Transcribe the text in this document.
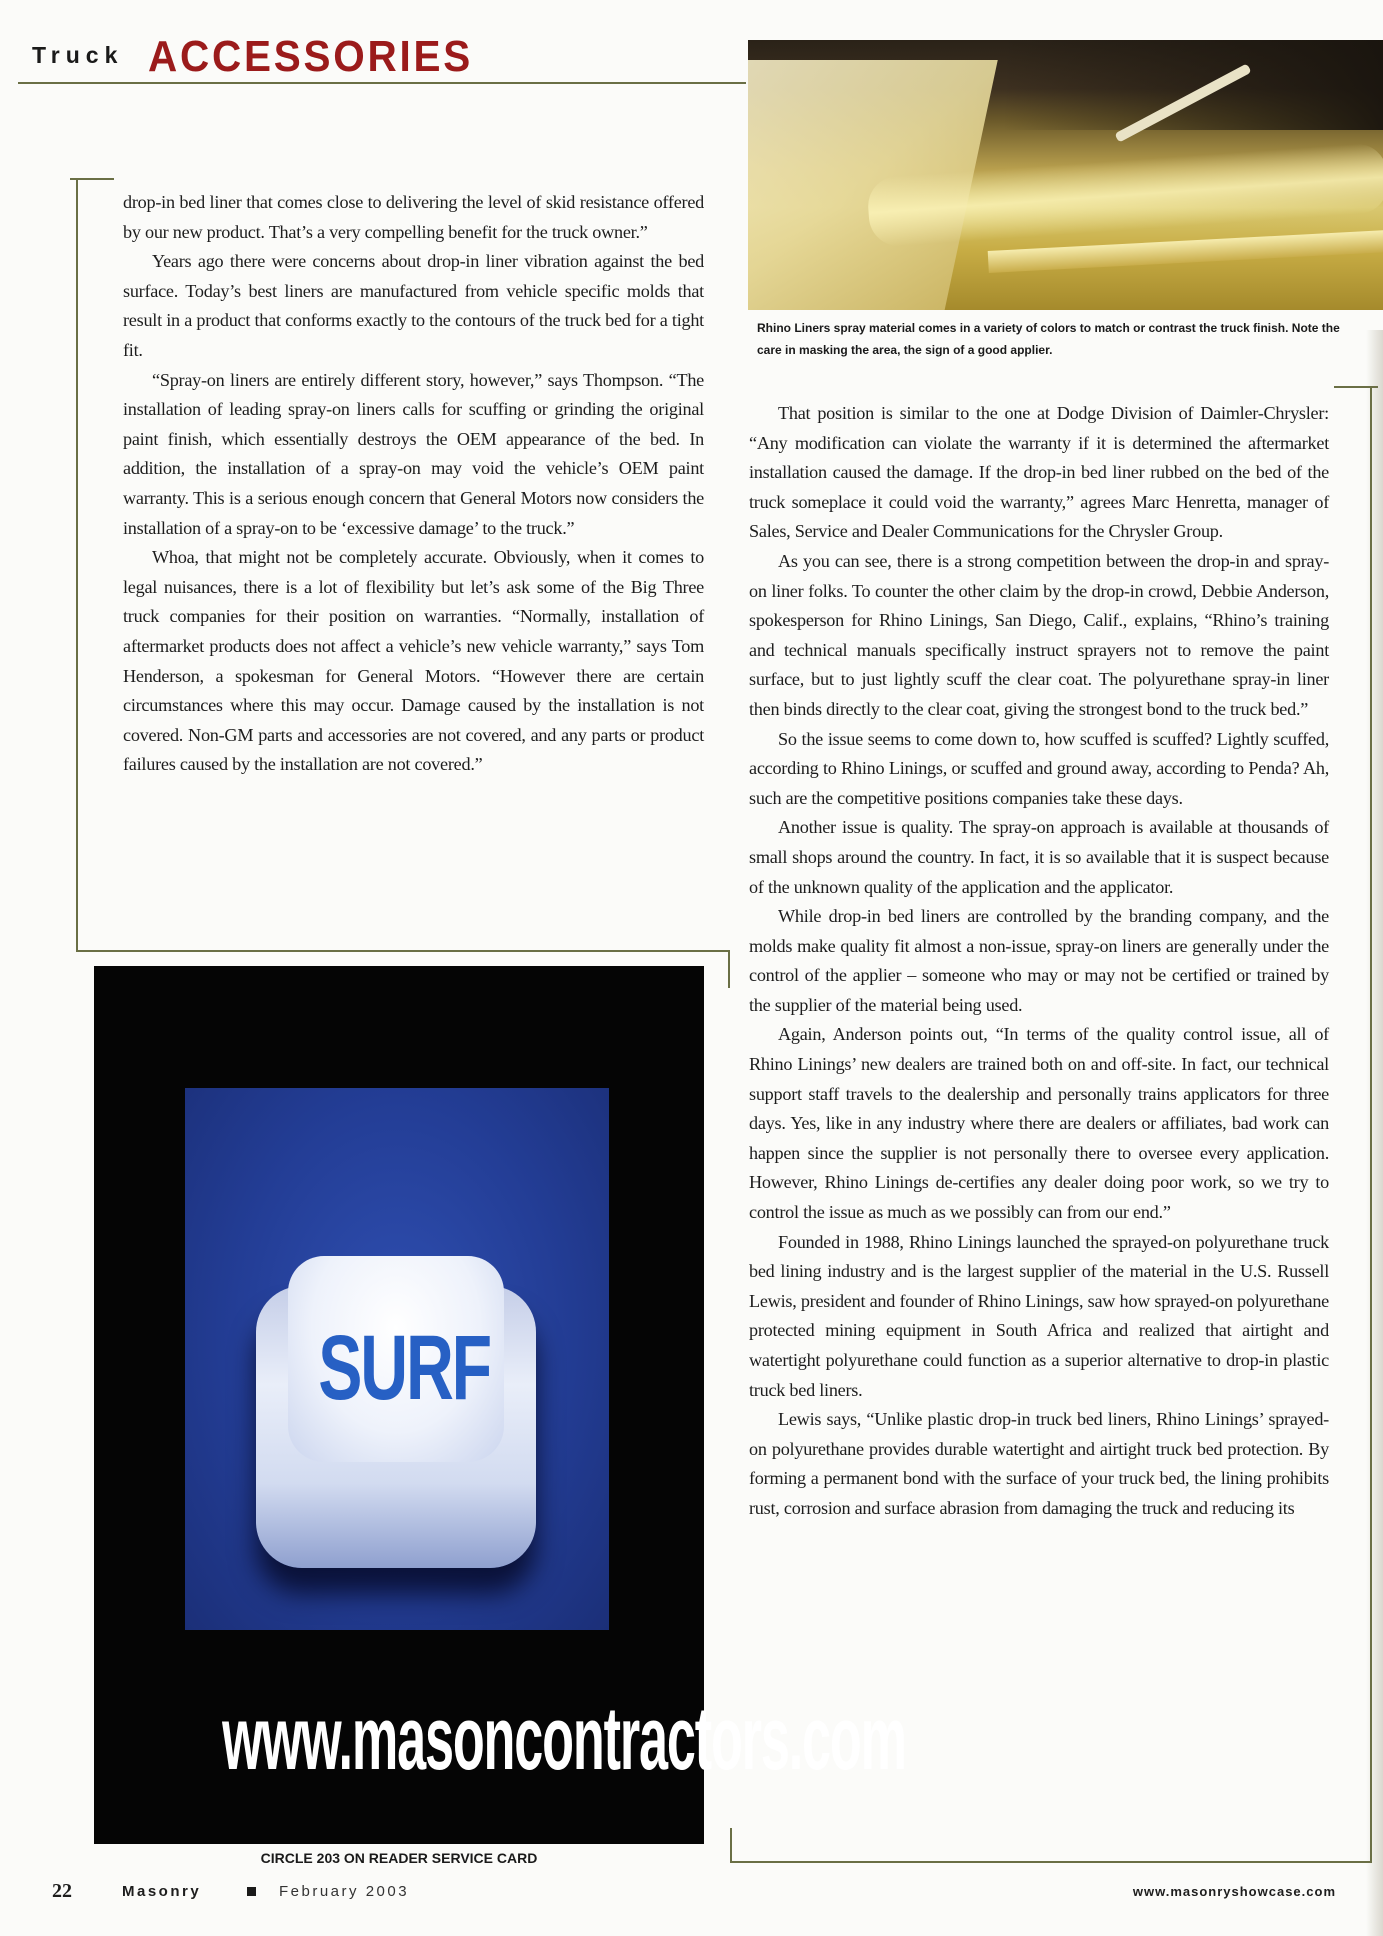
Truck ACCESSORIES
Rhino Liners spray material comes in a variety of colors to match or contrast the truck finish. Note the care in masking the area, the sign of a good applier.

drop-in bed liner that comes close to delivering the level of skid resistance offered by our new product. That’s a very compelling benefit for the truck owner.”

Years ago there were concerns about drop-in liner vibration against the bed surface. Today’s best liners are manufactured from vehicle specific molds that result in a product that conforms exactly to the contours of the truck bed for a tight fit.

“Spray-on liners are entirely different story, however,” says Thompson. “The installation of leading spray-on liners calls for scuffing or grinding the original paint finish, which essentially destroys the OEM appearance of the bed. In addition, the installation of a spray-on may void the vehicle’s OEM paint warranty. This is a serious enough concern that General Motors now considers the installation of a spray-on to be ‘excessive damage’ to the truck.”

Whoa, that might not be completely accurate. Obviously, when it comes to legal nuisances, there is a lot of flexibility but let’s ask some of the Big Three truck companies for their position on warranties. “Normally, installation of aftermarket products does not affect a vehicle’s new vehicle warranty,” says Tom Henderson, a spokesman for General Motors. “However there are certain circumstances where this may occur. Damage caused by the installation is not covered. Non-GM parts and accessories are not covered, and any parts or product failures caused by the installation are not covered.”

That position is similar to the one at Dodge Division of Daimler-Chrysler: “Any modification can violate the warranty if it is determined the aftermarket installation caused the damage. If the drop-in bed liner rubbed on the bed of the truck someplace it could void the warranty,” agrees Marc Henretta, manager of Sales, Service and Dealer Communications for the Chrysler Group.

As you can see, there is a strong competition between the drop-in and spray-on liner folks. To counter the other claim by the drop-in crowd, Debbie Anderson, spokesperson for Rhino Linings, San Diego, Calif., explains, “Rhino’s training and technical manuals specifically instruct sprayers not to remove the paint surface, but to just lightly scuff the clear coat. The polyurethane spray-in liner then binds directly to the clear coat, giving the strongest bond to the truck bed.”

So the issue seems to come down to, how scuffed is scuffed? Lightly scuffed, according to Rhino Linings, or scuffed and ground away, according to Penda? Ah, such are the competitive positions companies take these days.

Another issue is quality. The spray-on approach is available at thousands of small shops around the country. In fact, it is so available that it is suspect because of the unknown quality of the application and the applicator.

While drop-in bed liners are controlled by the branding company, and the molds make quality fit almost a non-issue, spray-on liners are generally under the control of the applier – someone who may or may not be certified or trained by the supplier of the material being used.

Again, Anderson points out, “In terms of the quality control issue, all of Rhino Linings’ new dealers are trained both on and off-site. In fact, our technical support staff travels to the dealership and personally trains applicators for three days. Yes, like in any industry where there are dealers or affiliates, bad work can happen since the supplier is not personally there to oversee every application. However, Rhino Linings de-certifies any dealer doing poor work, so we try to control the issue as much as we possibly can from our end.”

Founded in 1988, Rhino Linings launched the sprayed-on polyurethane truck bed lining industry and is the largest supplier of the material in the U.S. Russell Lewis, president and founder of Rhino Linings, saw how sprayed-on polyurethane protected mining equipment in South Africa and realized that airtight and watertight polyurethane could function as a superior alternative to drop-in plastic truck bed liners.

Lewis says, “Unlike plastic drop-in truck bed liners, Rhino Linings’ sprayed-on polyurethane provides durable watertight and airtight truck bed protection. By forming a permanent bond with the surface of your truck bed, the lining prohibits rust, corrosion and surface abrasion from damaging the truck and reducing its

SURF
www.masoncontractors.com
CIRCLE 203 ON READER SERVICE CARD
22	Masonry	February 2003	www.masonryshowcase.com
